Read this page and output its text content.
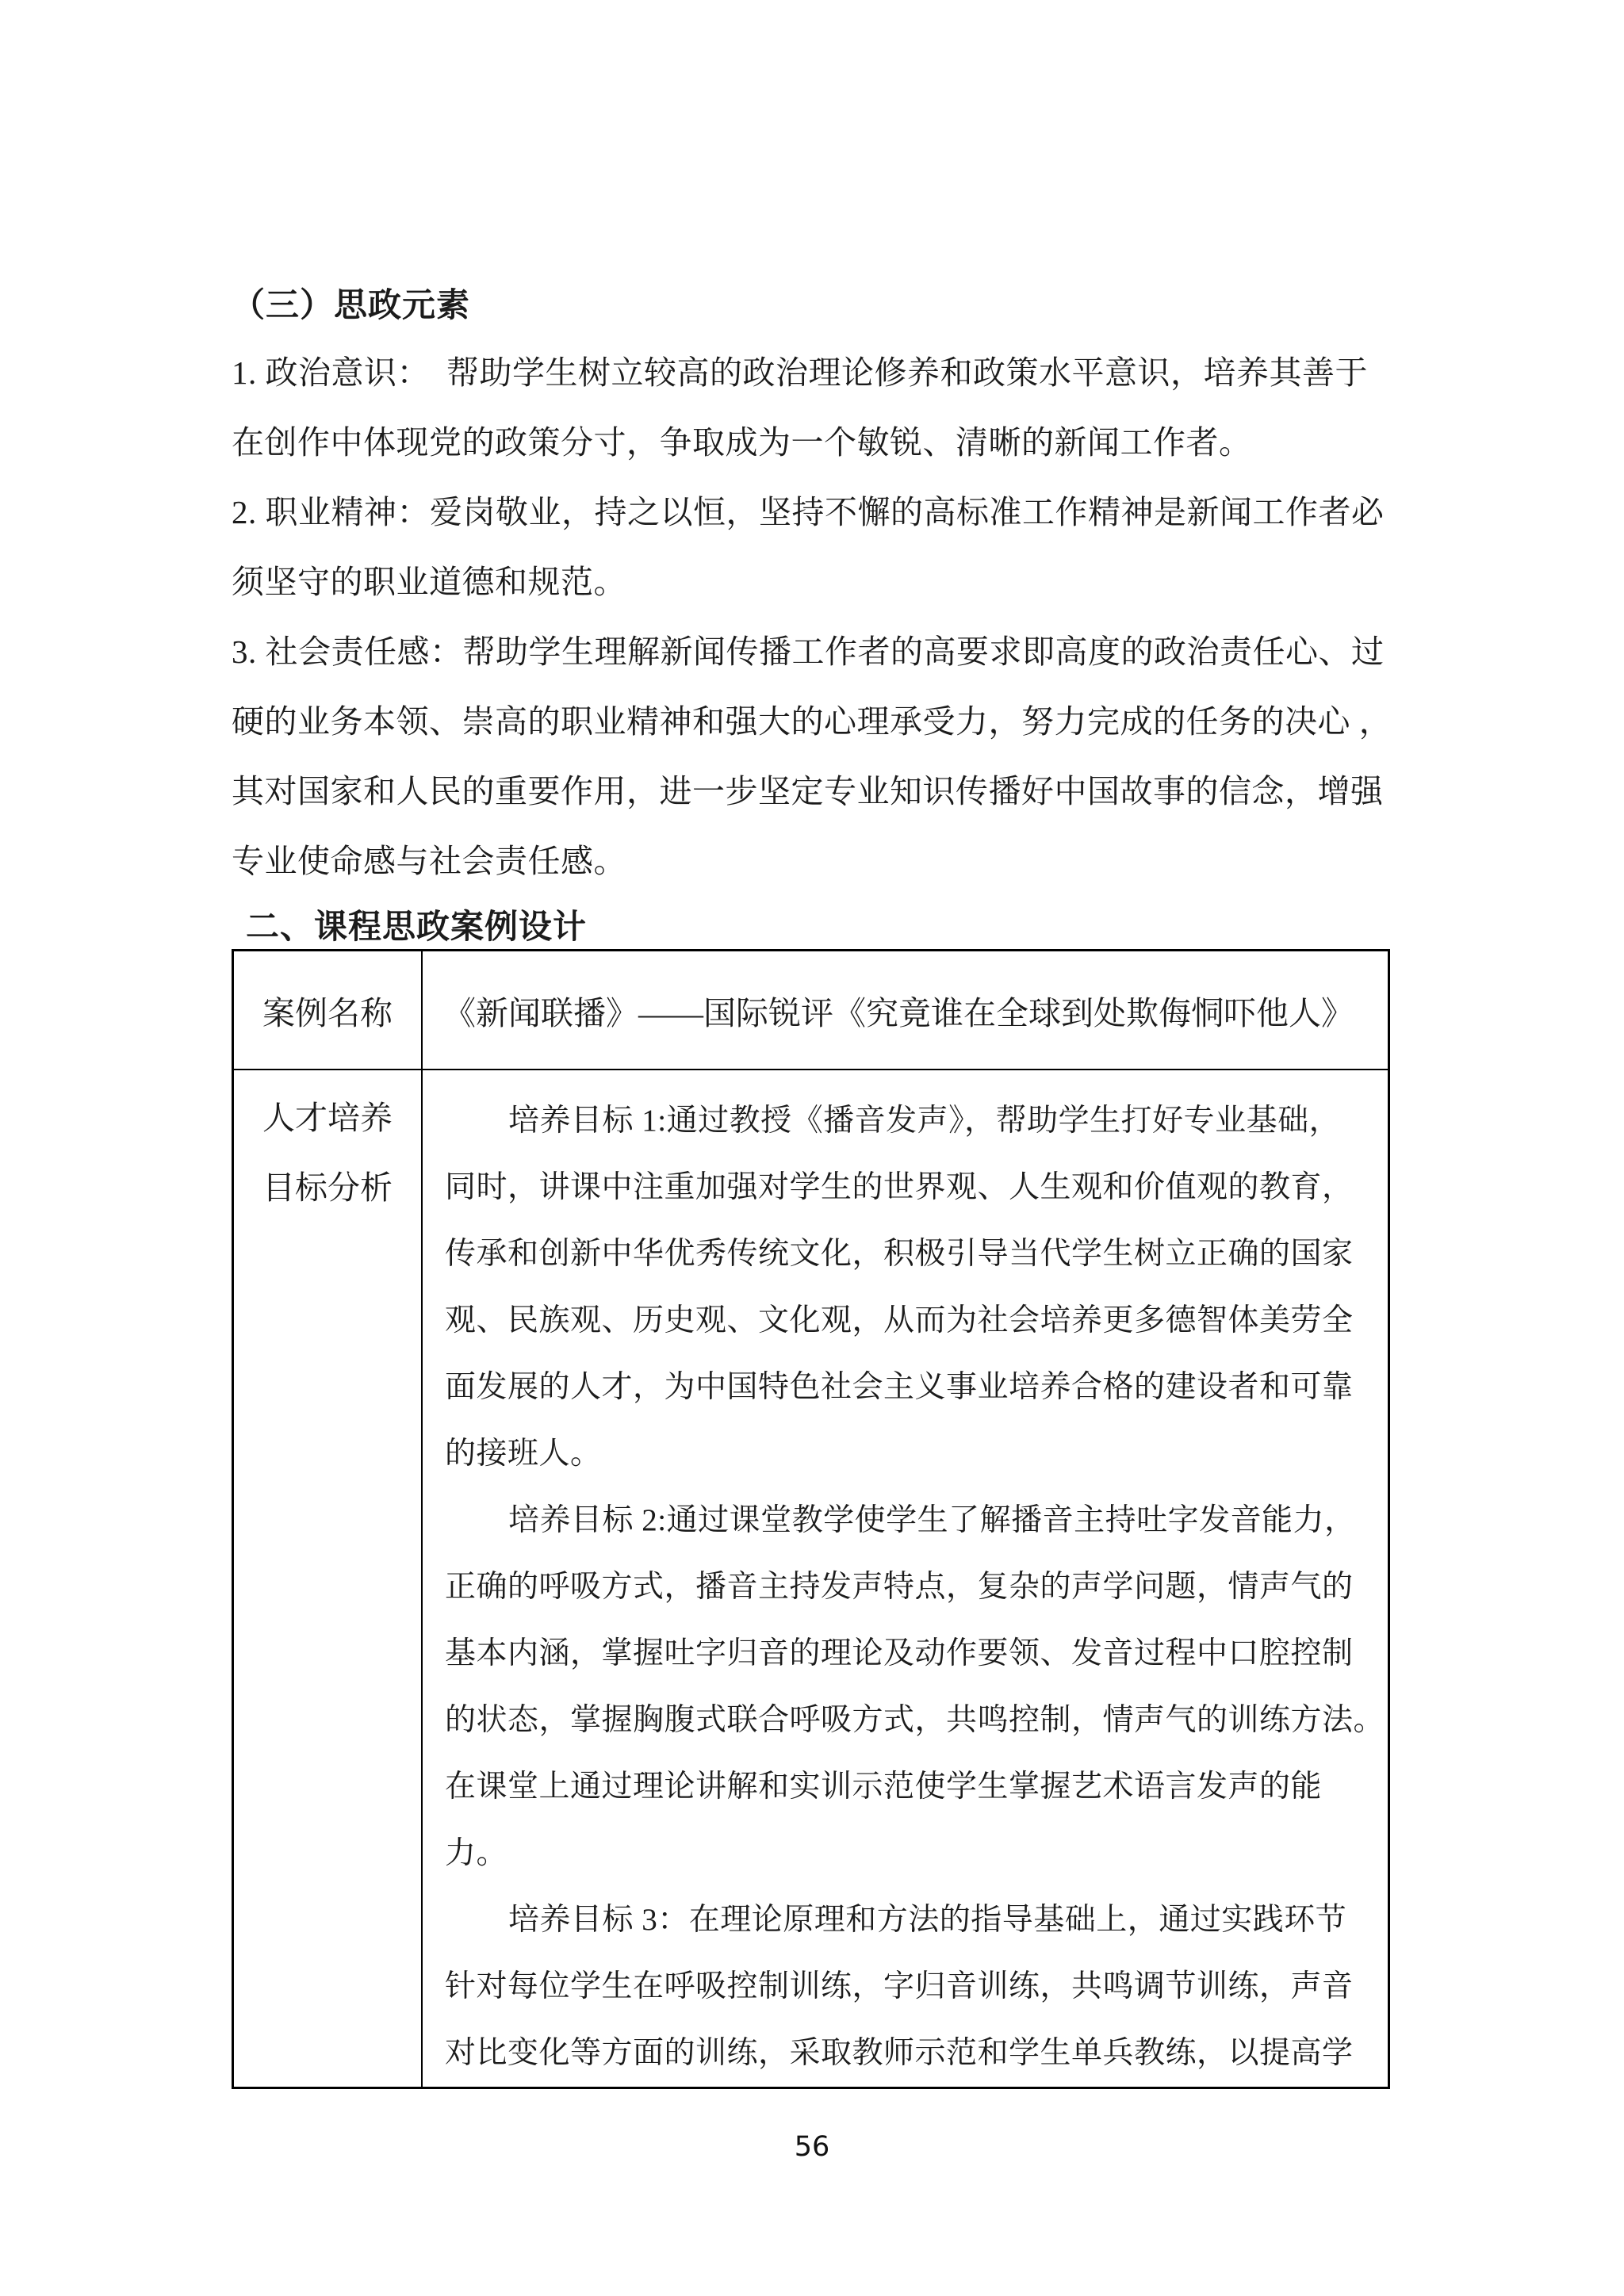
（三）思政元素
1. 政治意识：　帮助学生树立较高的政治理论修养和政策水平意识，培养其善于
在创作中体现党的政策分寸，争取成为一个敏锐、清晰的新闻工作者。
2. 职业精神：爱岗敬业，持之以恒，坚持不懈的高标准工作精神是新闻工作者必
须坚守的职业道德和规范。
3. 社会责任感：帮助学生理解新闻传播工作者的高要求即高度的政治责任心、过
硬的业务本领、崇高的职业精神和强大的心理承受力，努力完成的任务的决心 ，
其对国家和人民的重要作用，进一步坚定专业知识传播好中国故事的信念，增强
专业使命感与社会责任感。
二、课程思政案例设计
案例名称	《新闻联播》——国际锐评《究竟谁在全球到处欺侮恫吓他人》
人才培养
目标分析
培养目标 1:通过教授《播音发声》，帮助学生打好专业基础，
同时，讲课中注重加强对学生的世界观、人生观和价值观的教育，
传承和创新中华优秀传统文化，积极引导当代学生树立正确的国家
观、民族观、历史观、文化观，从而为社会培养更多德智体美劳全
面发展的人才，为中国特色社会主义事业培养合格的建设者和可靠
的接班人。
培养目标 2:通过课堂教学使学生了解播音主持吐字发音能力，
正确的呼吸方式，播音主持发声特点，复杂的声学问题，情声气的
基本内涵，掌握吐字归音的理论及动作要领、发音过程中口腔控制
的状态，掌握胸腹式联合呼吸方式，共鸣控制，情声气的训练方法。
在课堂上通过理论讲解和实训示范使学生掌握艺术语言发声的能
力。
培养目标 3：在理论原理和方法的指导基础上，通过实践环节
针对每位学生在呼吸控制训练，字归音训练，共鸣调节训练，声音
对比变化等方面的训练，采取教师示范和学生单兵教练，以提高学
56
